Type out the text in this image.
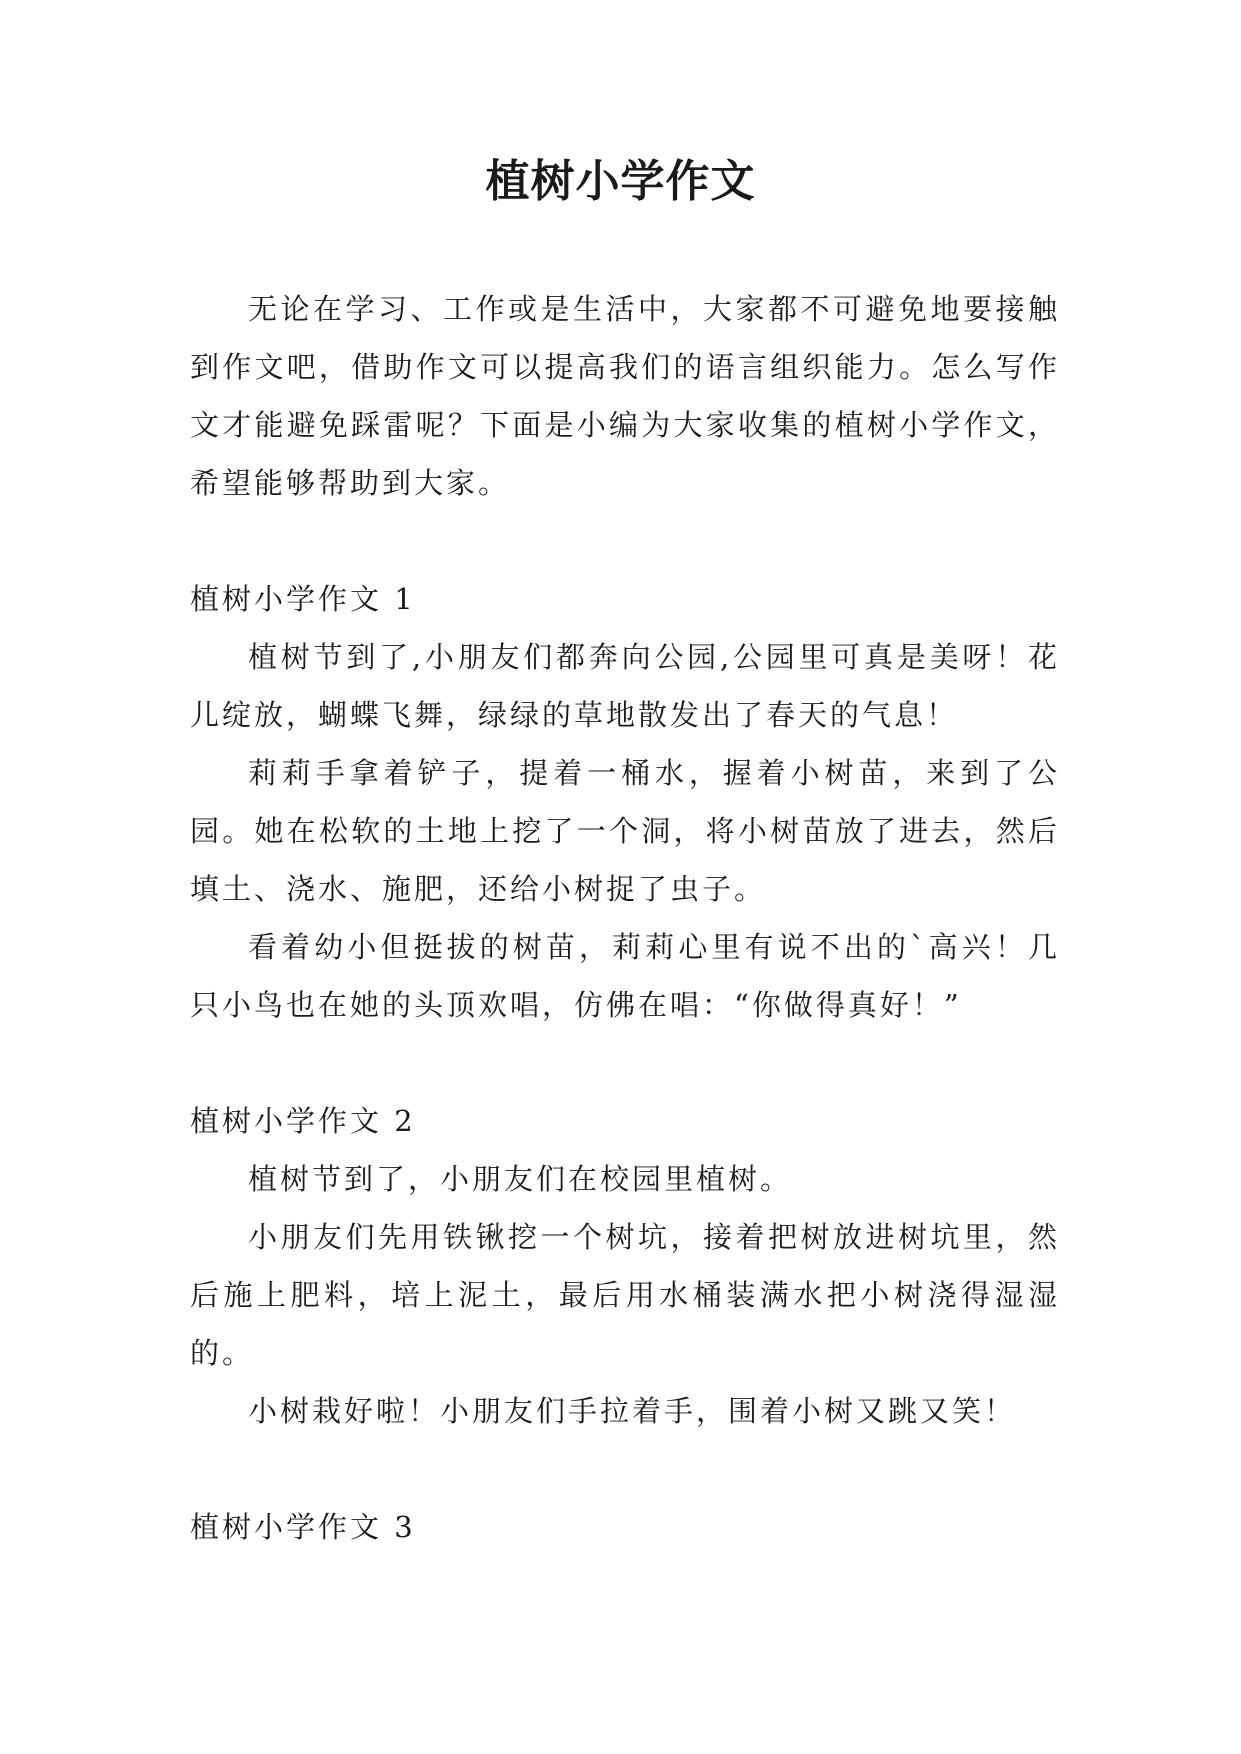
植树小学作文

无论在学习、工作或是生活中，大家都不可避免地要接触到作文吧，借助作文可以提高我们的语言组织能力。怎么写作文才能避免踩雷呢？下面是小编为大家收集的植树小学作文，希望能够帮助到大家。

植树小学作文 1

植树节到了,小朋友们都奔向公园,公园里可真是美呀！花儿绽放，蝴蝶飞舞，绿绿的草地散发出了春天的气息！

莉莉手拿着铲子，提着一桶水，握着小树苗，来到了公园。她在松软的土地上挖了一个洞，将小树苗放了进去，然后填土、浇水、施肥，还给小树捉了虫子。

看着幼小但挺拔的树苗，莉莉心里有说不出的`高兴！几只小鸟也在她的头顶欢唱，仿佛在唱：“你做得真好！”

植树小学作文 2

植树节到了，小朋友们在校园里植树。

小朋友们先用铁锹挖一个树坑，接着把树放进树坑里，然后施上肥料，培上泥土，最后用水桶装满水把小树浇得湿湿的。

小树栽好啦！小朋友们手拉着手，围着小树又跳又笑！

植树小学作文 3
